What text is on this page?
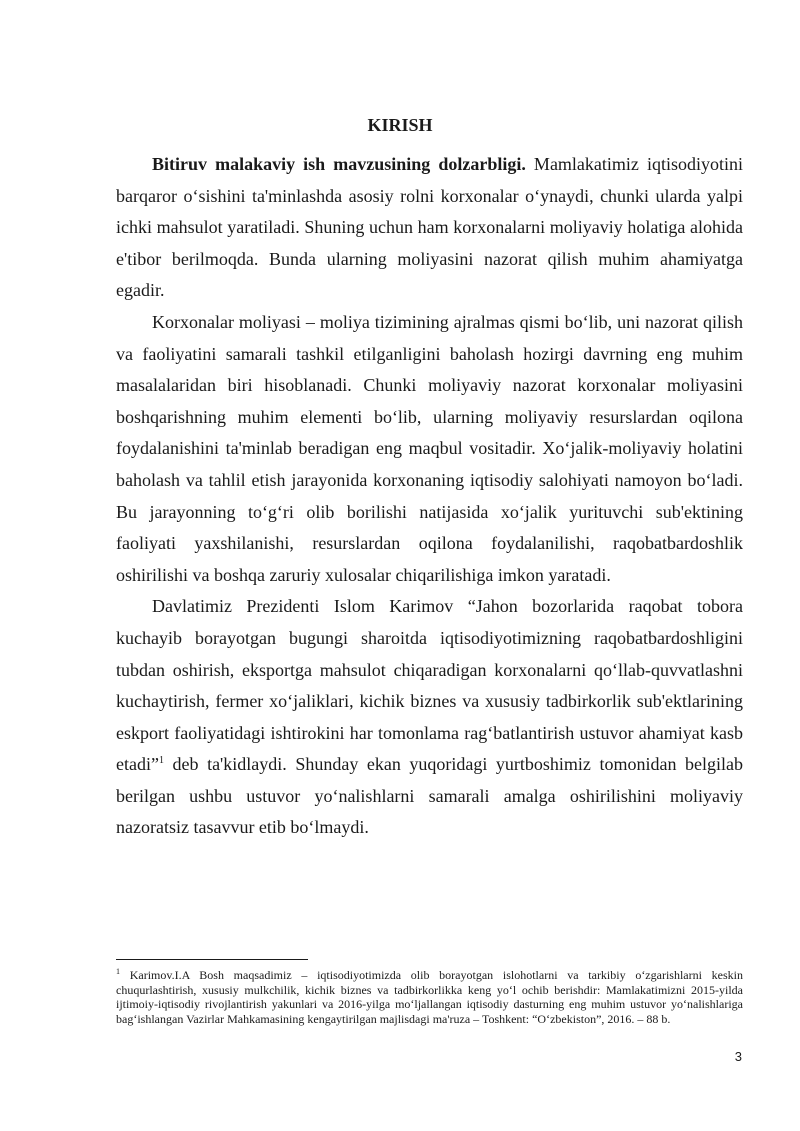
KIRISH

Bitiruv malakaviy ish mavzusining dolzarbligi. Mamlakatimiz iqtisodiyotini barqaror o‘sishini ta'minlashda asosiy rolni korxonalar o‘ynaydi, chunki ularda yalpi ichki mahsulot yaratiladi. Shuning uchun ham korxonalarni moliyaviy holatiga alohida e'tibor berilmoqda. Bunda ularning moliyasini nazorat qilish muhim ahamiyatga egadir.

Korxonalar moliyasi – moliya tizimining ajralmas qismi bo‘lib, uni nazorat qilish va faoliyatini samarali tashkil etilganligini baholash hozirgi davrning eng muhim masalalaridan biri hisoblanadi. Chunki moliyaviy nazorat korxonalar moliyasini boshqarishning muhim elementi bo‘lib, ularning moliyaviy resurslardan oqilona foydalanishini ta'minlab beradigan eng maqbul vositadir. Xo‘jalik-moliyaviy holatini baholash va tahlil etish jarayonida korxonaning iqtisodiy salohiyati namoyon bo‘ladi. Bu jarayonning to‘g‘ri olib borilishi natijasida xo‘jalik yurituvchi sub'ektining faoliyati yaxshilanishi, resurslardan oqilona foydalanilishi, raqobatbardoshlik oshirilishi va boshqa zaruriy xulosalar chiqarilishiga imkon yaratadi.

Davlatimiz Prezidenti Islom Karimov “Jahon bozorlarida raqobat tobora kuchayib borayotgan bugungi sharoitda iqtisodiyotimizning raqobatbardoshligini tubdan oshirish, eksportga mahsulot chiqaradigan korxonalarni qo‘llab-quvvatlashni kuchaytirish, fermer xo‘jaliklari, kichik biznes va xususiy tadbirkorlik sub'ektlarining eskport faoliyatidagi ishtirokini har tomonlama rag‘batlantirish ustuvor ahamiyat kasb etadi”$^1$ deb ta'kidlaydi. Shunday ekan yuqoridagi yurtboshimiz tomonidan belgilab berilgan ushbu ustuvor yo‘nalishlarni samarali amalga oshirilishini moliyaviy nazoratsiz tasavvur etib bo‘lmaydi.

$^1$ Karimov.I.A Bosh maqsadimiz – iqtisodiyotimizda olib borayotgan islohotlarni va tarkibiy o‘zgarishlarni keskin chuqurlashtirish, xususiy mulkchilik, kichik biznes va tadbirkorlikka keng yo‘l ochib berishdir: Mamlakatimizni 2015-yilda ijtimoiy-iqtisodiy rivojlantirish yakunlari va 2016-yilga mo‘ljallangan iqtisodiy dasturning eng muhim ustuvor yo‘nalishlariga bag‘ishlangan Vazirlar Mahkamasining kengaytirilgan majlisdagi ma'ruza – Toshkent: “O‘zbekiston”, 2016. – 88 b.
3
